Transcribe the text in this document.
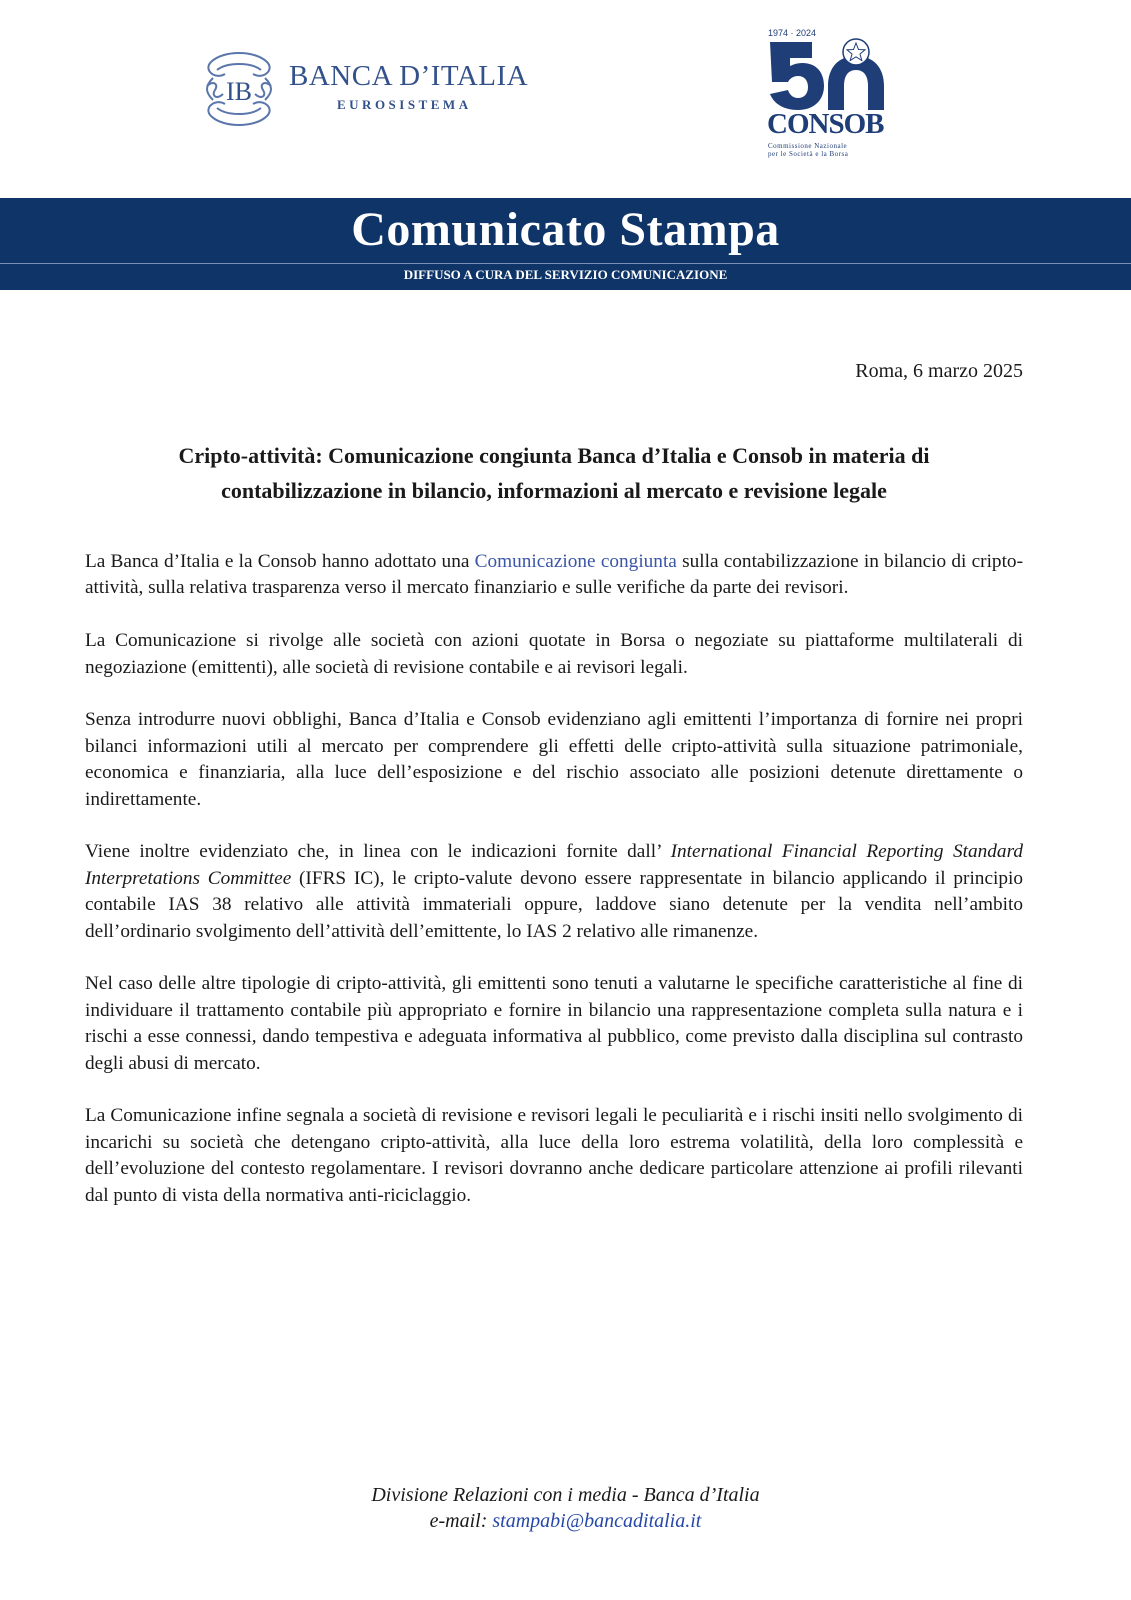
IB BANCA D’ITALIA
EUROSISTEMA
1974 · 2024
CONSOB
Commissione Nazionale
per le Società e la Borsa
Comunicato Stampa
DIFFUSO A CURA DEL SERVIZIO COMUNICAZIONE
Roma, 6 marzo 2025
Cripto-attività: Comunicazione congiunta Banca d’Italia e Consob in materia di
contabilizzazione in bilancio, informazioni al mercato e revisione legale

La Banca d’Italia e la Consob hanno adottato una Comunicazione congiunta sulla contabilizzazione in bilancio di cripto-attività, sulla relativa trasparenza verso il mercato finanziario e sulle verifiche da parte dei revisori.

La Comunicazione si rivolge alle società con azioni quotate in Borsa o negoziate su piattaforme multilaterali di negoziazione (emittenti), alle società di revisione contabile e ai revisori legali.

Senza introdurre nuovi obblighi, Banca d’Italia e Consob evidenziano agli emittenti l’importanza di fornire nei propri bilanci informazioni utili al mercato per comprendere gli effetti delle cripto-attività sulla situazione patrimoniale, economica e finanziaria, alla luce dell’esposizione e del rischio associato alle posizioni detenute direttamente o indirettamente.

Viene inoltre evidenziato che, in linea con le indicazioni fornite dall’ International Financial Reporting Standard Interpretations Committee (IFRS IC), le cripto-valute devono essere rappresentate in bilancio applicando il principio contabile IAS 38 relativo alle attività immateriali oppure, laddove siano detenute per la vendita nell’ambito dell’ordinario svolgimento dell’attività dell’emittente, lo IAS 2 relativo alle rimanenze.

Nel caso delle altre tipologie di cripto-attività, gli emittenti sono tenuti a valutarne le specifiche caratteristiche al fine di individuare il trattamento contabile più appropriato e fornire in bilancio una rappresentazione completa sulla natura e i rischi a esse connessi, dando tempestiva e adeguata informativa al pubblico, come previsto dalla disciplina sul contrasto degli abusi di mercato.

La Comunicazione infine segnala a società di revisione e revisori legali le peculiarità e i rischi insiti nello svolgimento di incarichi su società che detengano cripto-attività, alla luce della loro estrema volatilità, della loro complessità e dell’evoluzione del contesto regolamentare. I revisori dovranno anche dedicare particolare attenzione ai profili rilevanti dal punto di vista della normativa anti-riciclaggio.

Divisione Relazioni con i media - Banca d’Italia
e-mail: stampabi@bancaditalia.it
